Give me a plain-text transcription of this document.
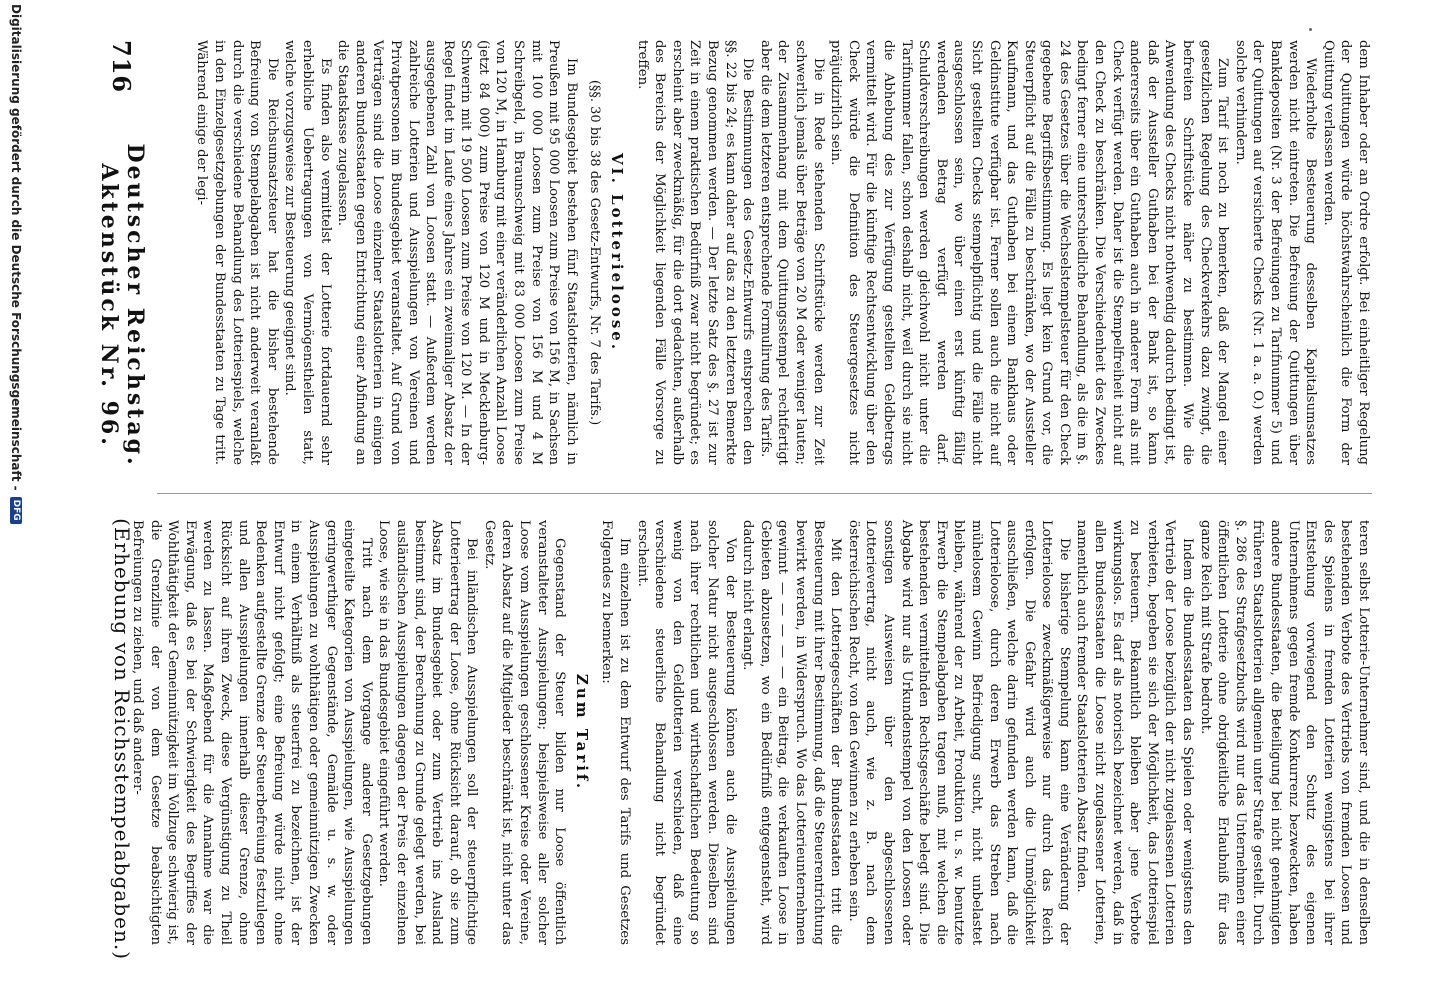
716
Deutscher Reichstag. Aktenstück Nr. 96.
(Erhebung von Reichsstempelabgaben.)

dem Inhaber oder an Ordre erfolgt. Bei einheitliger Regelung der Quittungen würde höchstwahrscheinlich die Form der Quittung verlassen werden.

Wiederholte Besteuerung desselben Kapitalsumsatzes werden nicht eintreten. Die Befreiung der Quittungen über Bankdepositen (Nr. 3 der Befreiungen zu Tarifnummer 5) und der Quittungen auf versicherte Checks (Nr. 1 a. a. O.) werden solche verhindern.

Zum Tarif ist noch zu bemerken, daß der Mangel einer gesetzlichen Regelung des Checkverkehrs dazu zwingt, die befreiten Schriftstücke näher zu bestimmen. Wie die Anwendung des Checks nicht nothwendig dadurch bedingt ist, daß der Aussteller Guthaben bei der Bank ist, so kann andererseits über ein Guthaben auch in anderer Form als mit Check verfügt werden. Daher ist die Stempelfreiheit nicht auf den Check zu beschränken. Die Verschiedenheit des Zweckes bedingt ferner eine unterschiedliche Behandlung, als die im §. 24 des Gesetzes über die Wechselstempelsteuer für den Check gegebene Begriffsbestimmung. Es liegt kein Grund vor, die Steuerpflicht auf die Fälle zu beschränken, wo der Aussteller Kaufmann, und das Guthaben bei einem Bankhaus oder Geldinstitute verfügbar ist. Ferner sollen auch die nicht auf Sicht gestellten Checks stempelpflichtig und die Fälle nicht ausgeschlossen sein, wo über einen erst künftig fällig werdenden Betrag verfügt werden darf. Schuldverschreibungen werden gleichwohl nicht unter die Tarifnummer fallen, schon deshalb nicht, weil durch sie nicht die Abhebung des zur Verfügung gestellten Geldbetrags vermittelt wird. Für die künftige Rechtsentwicklung über den Check würde die Definition des Steuergesetzes nicht präjudizirlich sein.

Die in Rede stehenden Schriftstücke werden zur Zeit schwerlich jemals über Beträge von 20 M oder weniger lauten; der Zusammenhang mit dem Quittungsstempel rechtfertigt aber die dem letzteren entsprechende Formulirung des Tarifs.

Die Bestimmungen des Gesetz-Entwurfs entsprechen den §§. 22 bis 24; es kann daher auf das zu den letzteren Bemerkte Bezug genommen werden. — Der letzte Satz des §. 27 ist zur Zeit in einem praktischen Bedürfniß zwar nicht begründet; es erscheint aber zweckmäßig, für die dort gedachten, außerhalb des Bereichs der Möglichkeit liegenden Fälle Vorsorge zu treffen.

VI. Lotterieloose.

(§§. 30 bis 38 des Gesetz-Entwurfs, Nr. 7 des Tarifs.)

Im Bundesgebiet bestehen fünf Staatslotterien, nämlich in Preußen mit 95 000 Loosen zum Preise von 156 M, in Sachsen mit 100 000 Loosen zum Preise von 156 M und 4 M Schreibgeld, in Braunschweig mit 83 000 Loosen zum Preise von 120 M, in Hamburg mit einer veränderlichen Anzahl Loose (jetzt 84 000) zum Preise von 120 M und in Mecklenburg-Schwerin mit 19 500 Loosen zum Preise von 120 M. — In der Regel findet im Laufe eines Jahres ein zweimaliger Absatz der ausgegebenen Zahl von Loosen statt. — Außerdem werden zahlreiche Lotterien und Ausspielungen von Vereinen und Privatpersonen im Bundesgebiet veranstaltet. Auf Grund von Verträgen sind die Loose einzelner Staatslotterien in einigen anderen Bundesstaaten gegen Entrichtung einer Abfindung an die Staatskasse zugelassen.

Es finden also vermittelst der Lotterie fortdauernd sehr erhebliche Uebertragungen von Vermögenstheilen statt, welche vorzugsweise zur Besteuerung geeignet sind.

Die Reichsumsatzsteuer hat die bisher bestehende Befreiung von Stempelabgaben ist nicht anderweit veranlaßt durch die verschiedene Behandlung des Lotteriespiels, welche in den Einzelgesetzgebungen der Bundesstaaten zu Tage tritt. Während einige der legi-

teren selbst Lotterie-Unternehmer sind, und die in denselben bestehenden Verbote des Vertriebs von fremden Loosen und des Spielens in fremden Lotterien wenigstens bei ihrer Entstehung vorwiegend den Schutz des eigenen Unternehmens gegen fremde Konkurrenz bezweckten, haben andere Bundesstaaten, die Beteiligung bei nicht genehmigten früheren Staatslotterien allgemein unter Strafe gestellt. Durch §. 286 des Strafgesetzbuchs wird nur das Unternehmen einer öffentlichen Lotterie ohne obrigkeitliche Erlaubniß für das ganze Reich mit Strafe bedroht.

Indem die Bundesstaaten das Spielen oder wenigstens den Vertrieb der Loose bezüglich der nicht zugelassenen Lotterien verbieten, begeben sie sich der Möglichkeit, das Lotteriespiel zu besteuern. Bekanntlich bleiben aber jene Verbote wirkungslos. Es darf als notorisch bezeichnet werden, daß in allen Bundesstaaten die Loose nicht zugelassener Lotterien, namentlich auch fremder Staatslotterien Absatz finden.

Die bisherige Stempelung kann eine Veränderung der Lotterieloose zweckmäßigerweise nur durch das Reich erfolgen. Die Gefahr wird auch die Unmöglichkeit ausschließen, welche darin gefunden werden kann, daß die Lotterieloose, durch deren Erwerb das Streben nach mühelosem Gewinn Befriedigung sucht, nicht unbelastet bleiben, während der zu Arbeit, Produktion u. s. w. benutzte Erwerb die Stempelabgaben tragen muß, mit welchen die bestehenden vermittelnden Rechtsgeschäfte belegt sind. Die Abgabe wird nur als Urkundenstempel von den Loosen oder sonstigen Ausweisen über den abgeschlossenen Lotterievertrag, nicht auch, wie z. B. nach dem österreichischen Recht, von den Gewinnen zu erheben sein.

Mit den Lotteriegeschäften der Bundesstaaten tritt die Besteuerung mit ihrer Bestimmung, daß die Steuerentrichtung bewirkt werden, in Widerspruch. Wo das Lotterieunternehmen gewinnt — — — — — ein Beitrag, die verkauften Loose in Gebieten abzusetzen, wo ein Bedürfniß entgegensteht, wird dadurch nicht erlangt.

Von der Besteuerung können auch die Ausspielungen solcher Natur nicht ausgeschlossen werden. Dieselben sind nach ihrer rechtlichen und wirthschaftlichen Bedeutung so wenig von den Geldlotterien verschieden, daß eine verschiedene steuerliche Behandlung nicht begründet erscheint.

Im einzelnen ist zu dem Entwurf des Tarifs und Gesetzes Folgendes zu bemerken:

Zum Tarif.

Gegenstand der Steuer bilden nur Loose öffentlich veranstalteter Ausspielungen; beispielsweise aller solcher Loose vom Ausspielungen geschlossener Kreise oder Vereine, deren Absatz auf die Mitglieder beschränkt ist, nicht unter das Gesetz.

Bei inländischen Ausspielungen soll der steuerpflichtige Lotterieertrag der Loose, ohne Rücksicht darauf, ob sie zum Absatz im Bundesgebiet oder zum Vertrieb ins Ausland bestimmt sind, der Berechnung zu Grunde gelegt werden, bei ausländischen Ausspielungen dagegen der Preis der einzelnen Loose, wie sie in das Bundesgebiet eingeführt werden.

Tritt nach dem Vorgange anderer Gesetzgebungen eingeteilte Kategorien von Ausspielungen, wie Ausspielungen geringwerthiger Gegenstände, Gemälde u. s. w. oder Ausspielungen zu wohlthätigen oder gemeinnützigen Zwecken in einem Verhältniß als steuerfrei zu bezeichnen, ist der Entwurf nicht gefolgt; eine Befreiung würde nicht ohne Bedenken aufgestellte Grenze der Steuerbefreiung festzulegen und allen Ausspielungen innerhalb dieser Grenze, ohne Rücksicht auf ihren Zweck, diese Vergünstigung zu Theil werden zu lassen. Maßgebend für die Annahme war die Erwägung, daß es bei der Schwierigkeit des Begriffes der Wohlthätigkeit der Gemeinnützigkeit im Vollzuge schwierig ist, die Grenzlinie der von dem Gesetze beabsichtigten Befreiungen zu ziehen, und daß anderer-

Digitalisierung gefördert durch die Deutsche Forschungsgemeinschaft -
DFG
